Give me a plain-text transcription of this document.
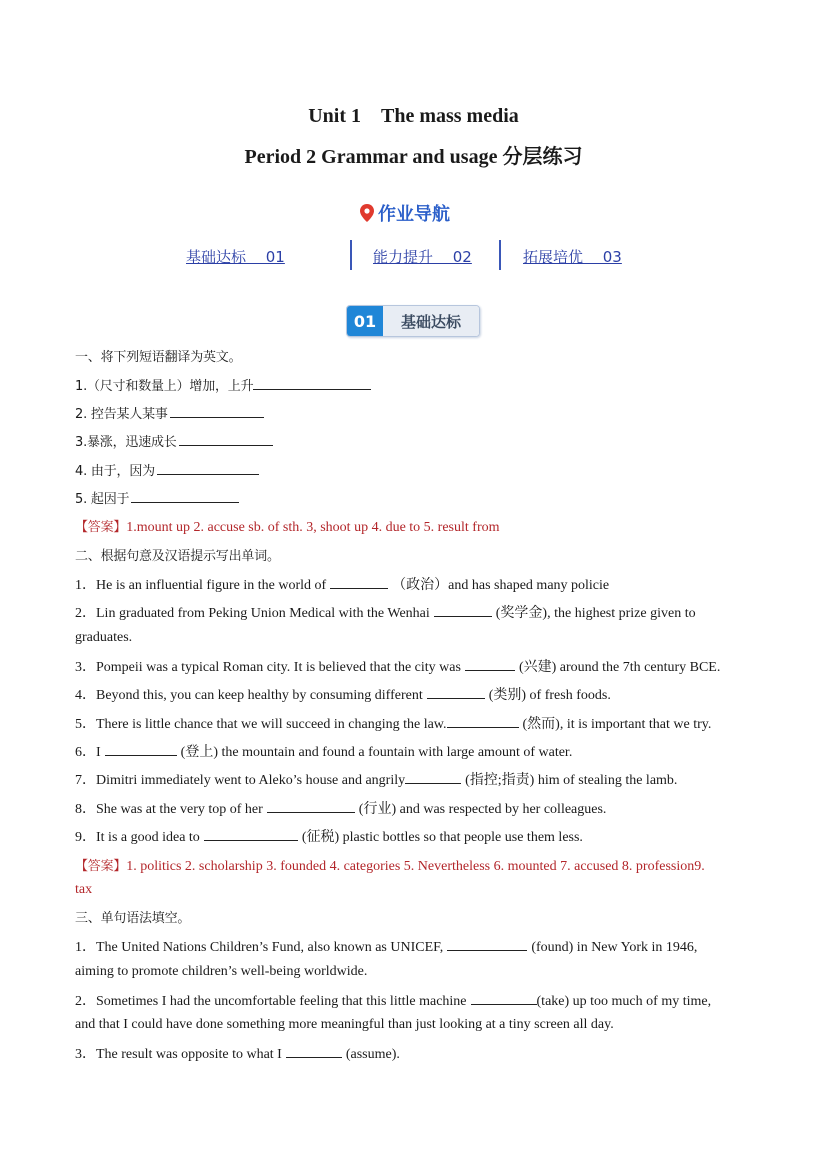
Unit 1　The mass media
Period 2 Grammar and usage 分层练习
作业导航
基础达标　 01	能力提升　 02	拓展培优　 03
01	基础达标
一、将下列短语翻译为英文。
1.（尺寸和数量上）增加，上升
2. 控告某人某事
3.暴涨，迅速成长
4. 由于，因为
5. 起因于
【答案】1.mount up 2. accuse sb. of sth. 3, shoot up 4. due to 5. result from
二、根据句意及汉语提示写出单词。
1．He is an influential figure in the world of	（政治）and has shaped many policie
2．Lin graduated from Peking Union Medical with the Wenhai	(奖学金), the highest prize given to
graduates.
3．Pompeii was a typical Roman city. It is believed that the city was	(兴建) around the 7th century BCE.
4．Beyond this, you can keep healthy by consuming different	(类别) of fresh foods.
5．There is little chance that we will succeed in changing the law.	(然而), it is important that we try.
6．I	(登上) the mountain and found a fountain with large amount of water.
7．Dimitri immediately went to Aleko’s house and angrily	(指控;指责) him of stealing the lamb.
8．She was at the very top of her	(行业) and was respected by her colleagues.
9．It is a good idea to	(征税) plastic bottles so that people use them less.
【答案】1. politics 2. scholarship 3. founded 4. categories 5. Nevertheless 6. mounted 7. accused 8. profession9.
tax
三、单句语法填空。
1．The United Nations Children’s Fund, also known as UNICEF,	(found) in New York in 1946,
aiming to promote children’s well-being worldwide.
2．Sometimes I had the uncomfortable feeling that this little machine	(take) up too much of my time,
and that I could have done something more meaningful than just looking at a tiny screen all day.
3．The result was opposite to what I	(assume).
